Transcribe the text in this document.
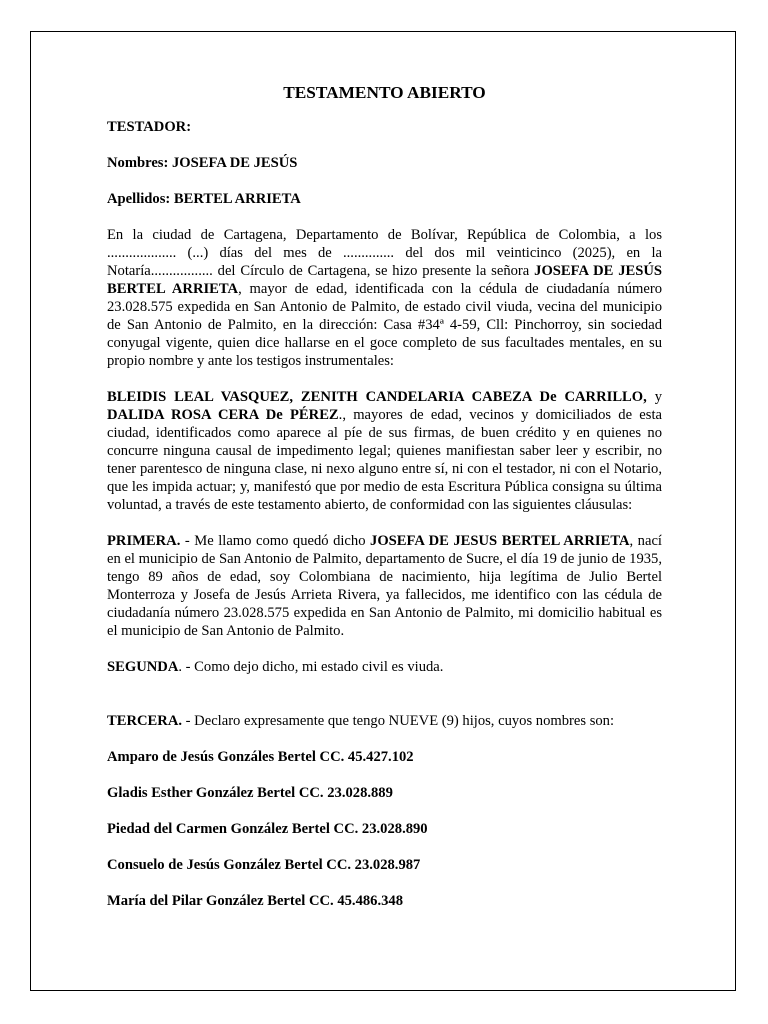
TESTAMENTO ABIERTO

TESTADOR:

Nombres: JOSEFA DE JESÚS

Apellidos: BERTEL ARRIETA

En la ciudad de Cartagena, Departamento de Bolívar, República de Colombia, a los ................... (...) días del mes de .............. del dos mil veinticinco (2025), en la Notaría................. del Círculo de Cartagena, se hizo presente la señora JOSEFA DE JESÚS BERTEL ARRIETA, mayor de edad, identificada con la cédula de ciudadanía número 23.028.575 expedida en San Antonio de Palmito, de estado civil viuda, vecina del municipio de San Antonio de Palmito, en la dirección: Casa #34ª 4-59, Cll: Pinchorroy, sin sociedad conyugal vigente, quien dice hallarse en el goce completo de sus facultades mentales, en su propio nombre y ante los testigos instrumentales:

BLEIDIS LEAL VASQUEZ, ZENITH CANDELARIA CABEZA De CARRILLO, y DALIDA ROSA CERA De PÉREZ., mayores de edad, vecinos y domiciliados de esta ciudad, identificados como aparece al píe de sus firmas, de buen crédito y en quienes no concurre ninguna causal de impedimento legal; quienes manifiestan saber leer y escribir, no tener parentesco de ninguna clase, ni nexo alguno entre sí, ni con el testador, ni con el Notario, que les impida actuar; y, manifestó que por medio de esta Escritura Pública consigna su última voluntad, a través de este testamento abierto, de conformidad con las siguientes cláusulas:

PRIMERA. - Me llamo como quedó dicho JOSEFA DE JESUS BERTEL ARRIETA, nací en el municipio de San Antonio de Palmito, departamento de Sucre, el día 19 de junio de 1935, tengo 89 años de edad, soy Colombiana de nacimiento, hija legítima de Julio Bertel Monterroza y Josefa de Jesús Arrieta Rivera, ya fallecidos, me identifico con las cédula de ciudadanía número 23.028.575 expedida en San Antonio de Palmito, mi domicilio habitual es el municipio de San Antonio de Palmito.

SEGUNDA. - Como dejo dicho, mi estado civil es viuda.

TERCERA. - Declaro expresamente que tengo NUEVE (9) hijos, cuyos nombres son:

Amparo de Jesús Gonzáles Bertel CC. 45.427.102
Gladis Esther González Bertel CC. 23.028.889
Piedad del Carmen González Bertel CC. 23.028.890
Consuelo de Jesús González Bertel CC. 23.028.987
María del Pilar González Bertel CC. 45.486.348
